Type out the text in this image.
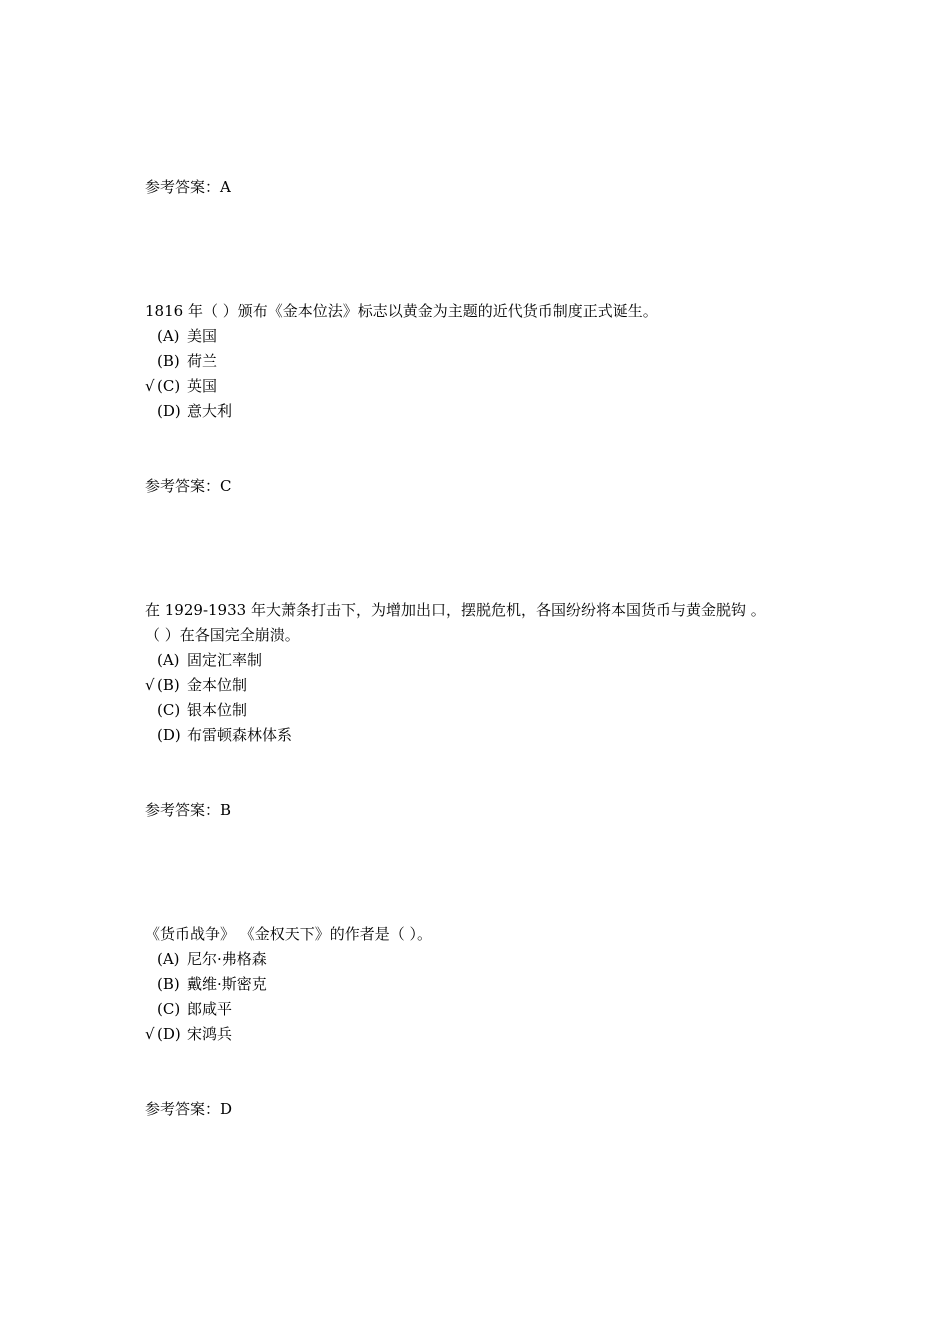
参考答案：A
1816 年（ ）颁布《金本位法》标志以黄金为主题的近代货币制度正式诞生。
(A) 美国
(B) 荷兰
√ (C) 英国
(D) 意大利
参考答案：C
在 1929-1933 年大萧条打击下，为增加出口，摆脱危机，各国纷纷将本国货币与黄金脱钩 。
（ ）在各国完全崩溃。
(A) 固定汇率制
√ (B) 金本位制
(C) 银本位制
(D) 布雷顿森林体系
参考答案：B
《货币战争》 《金权天下》的作者是（ ）。
(A) 尼尔·弗格森
(B) 戴维·斯密克
(C) 郎咸平
√ (D) 宋鸿兵
参考答案：D
